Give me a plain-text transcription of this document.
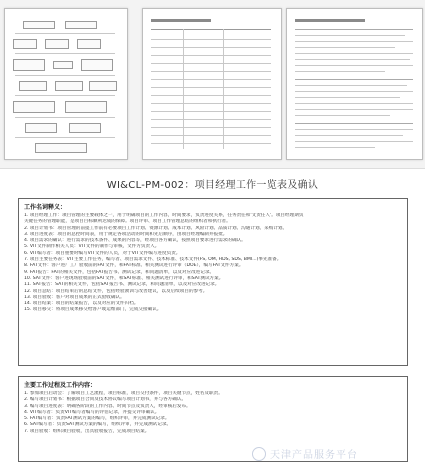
WI&CL-PM-002：项目经理工作一览表及确认
工作名词释义：

1. 项目经理工作：项目管理的主要载体之一，用于明确项目的工作内容，时间要求，负责进度关系，任务责任和'文责任人'。项目经理期负

关键任务的管理职能，是项目目标顺利达成的保障。项目评审、项目工作管理总结的组织者和执行者。

2. 项目计划书：项目管理的前提工作前有必要项目工作计划、资源计划、成本计划、风险计划、品质计划、沟通计划、采购计划。

3. 项目进度表：项目的总控时间表，用于规定各项活动的时间和先后顺序，由项目经理编制并报批。

4. 项目需求的确认：进行需求的技术条件、成果的内容等，经项目各方确认，按照项目要求进行需求的确认。

5. VIT文件制作相关人员：VIT文件的制作与审核，文件方负责人。

6. VIT编写者：项目重要时编写VIT文件的人员，对于VIT文件编写进度负责。

7. 项目主要任务表：VIT主要工作任务，编写者、项目需求文件、技术标准、技术文件(FS, OM, HDS, SDS, BMI...)事先准备。

8. FAT文件：客户进厂工厂验收前的FAT文件，和FAT标准、相关测试进行评审（DOE），编写FAT文件方案。

9. FAT报告：FAT的相关文件，包括FAT报告书、测试记录，和问题清单，以及对应改进记录。

10. SAT文件：客户进现场验收前的SAT文件，和SAT标准、相关测试进行评审，和SAT测试方案。

11. SAT报告：SAT的相关文件，包括SAT报告书、测试记录，和问题清单，以及对应改进记录。

12. 项目总结：项目结束后的总结文件，包括经验教训与改善建议，以及后续项目的参考。

13. 项目验收：客户对项目成果的正式验收确认。

14. 项目结案：项目的结案报告，以及对应的文件归档。

15. 项目移交：将项目成果移交给客户或运维部门，完成交接确认。

主要工作过程及工作内容：

1. 参加项目启动会：了解项目工艺流程，项目标准，项目交付条件，项目关键节点，姓名及职责。

2. 编写项目计划书：根据项目合同及技术协议编写项目计划书，并与各方确认。

3. 编写项目进度表：明确各阶段的工作内容、时间节点及负责人，经审核后发布。

4. VIT编写者：负责VIT编写者编写的评估记录，并提交评审确认。

5. FAT编写者：负责FAT测试方案的编写，组织评审，并完成测试记录。

6. SAT编写者：负责SAT测试方案的编写，组织评审，并完成测试记录。

7. 项目验收：组织项目验收，出具验收报告，完成项目结案。

天津产品服务平台
